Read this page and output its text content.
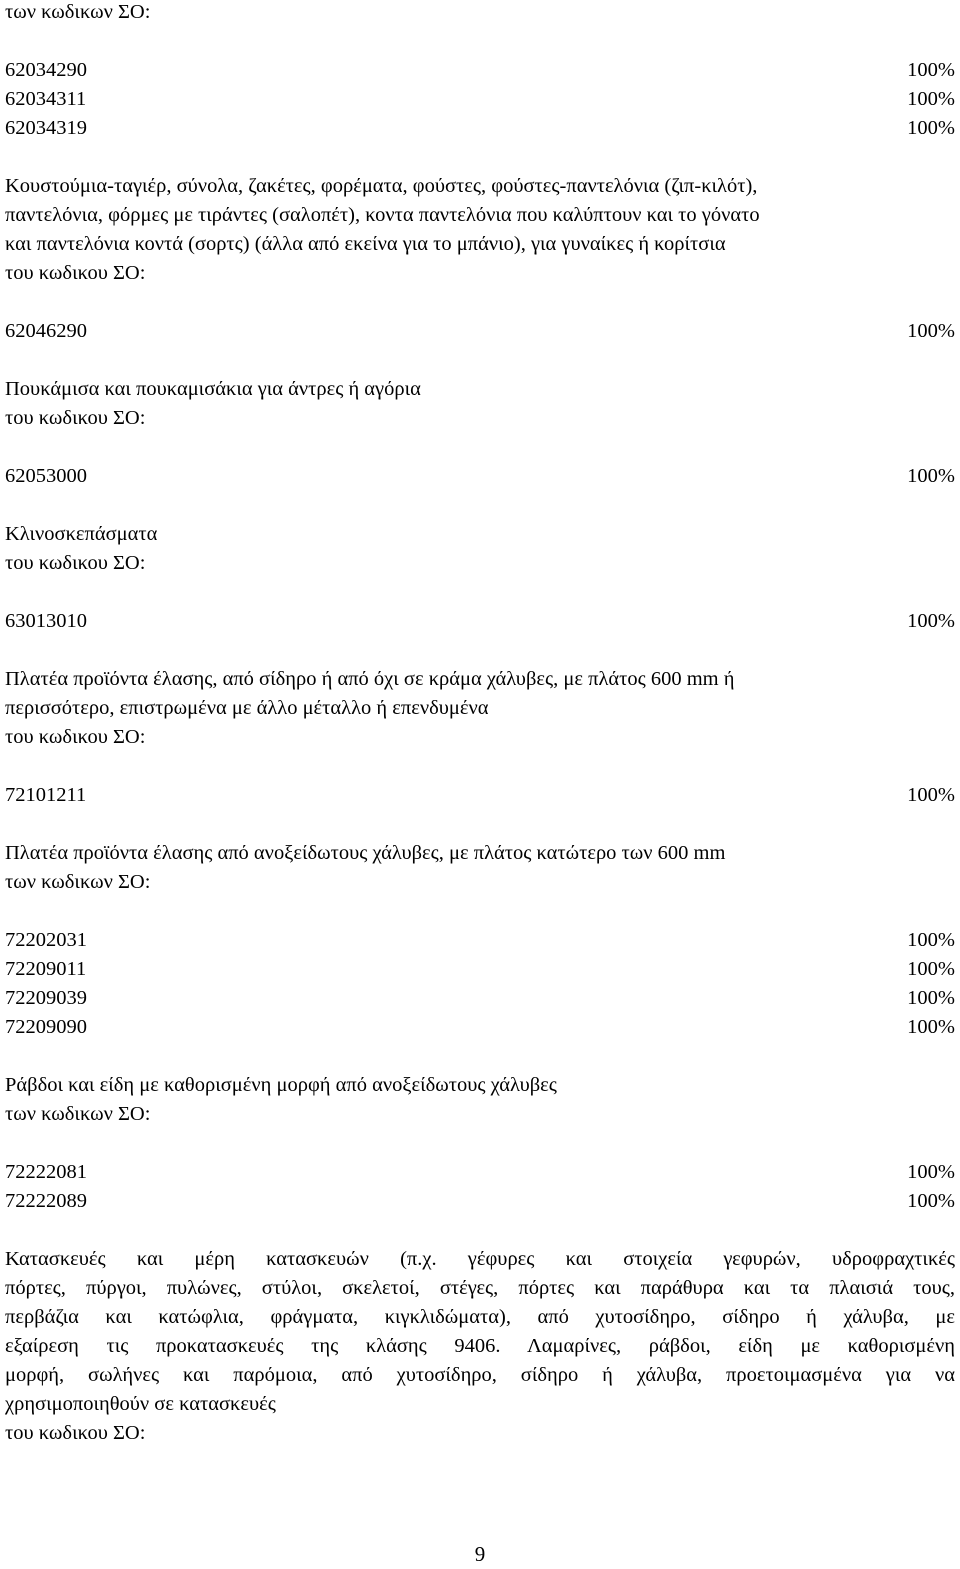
των κωδικων ΣΟ:
62034290	100%
62034311	100%
62034319	100%
Κουστούμια-ταγιέρ, σύνολα, ζακέτες, φορέματα, φούστες, φούστες-παντελόνια (ζιπ-κιλότ),
παντελόνια, φόρμες με τιράντες (σαλοπέτ), κοντα παντελόνια που καλύπτουν και το γόνατο
και παντελόνια κοντά (σορτς) (άλλα από εκείνα για το μπάνιο), για γυναίκες ή κορίτσια
του κωδικου ΣΟ:
62046290	100%
Πουκάμισα και πουκαμισάκια για άντρες ή αγόρια
του κωδικου ΣΟ:
62053000	100%
Κλινοσκεπάσματα
του κωδικου ΣΟ:
63013010	100%
Πλατέα προϊόντα έλασης, από σίδηρο ή από όχι σε κράμα χάλυβες, με πλάτος 600 mm ή
περισσότερο, επιστρωμένα με άλλο μέταλλο ή επενδυμένα
του κωδικου ΣΟ:
72101211	100%
Πλατέα προϊόντα έλασης από ανοξείδωτους χάλυβες, με πλάτος κατώτερο των 600 mm
των κωδικων ΣΟ:
72202031	100%
72209011	100%
72209039	100%
72209090	100%
Ράβδοι και είδη με καθορισμένη μορφή από ανοξείδωτους χάλυβες
των κωδικων ΣΟ:
72222081	100%
72222089	100%
Κατασκευές και μέρη κατασκευών (π.χ. γέφυρες και στοιχεία γεφυρών, υδροφραχτικές
πόρτες, πύργοι, πυλώνες, στύλοι, σκελετοί, στέγες, πόρτες και παράθυρα και τα πλαισιά τους,
περβάζια και κατώφλια, φράγματα, κιγκλιδώματα), από χυτοσίδηρο, σίδηρο ή χάλυβα, με
εξαίρεση τις προκατασκευές της κλάσης 9406. Λαμαρίνες, ράβδοι, είδη με καθορισμένη
μορφή, σωλήνες και παρόμοια, από χυτοσίδηρο, σίδηρο ή χάλυβα, προετοιμασμένα για να
χρησιμοποιηθούν σε κατασκευές
του κωδικου ΣΟ:
9
